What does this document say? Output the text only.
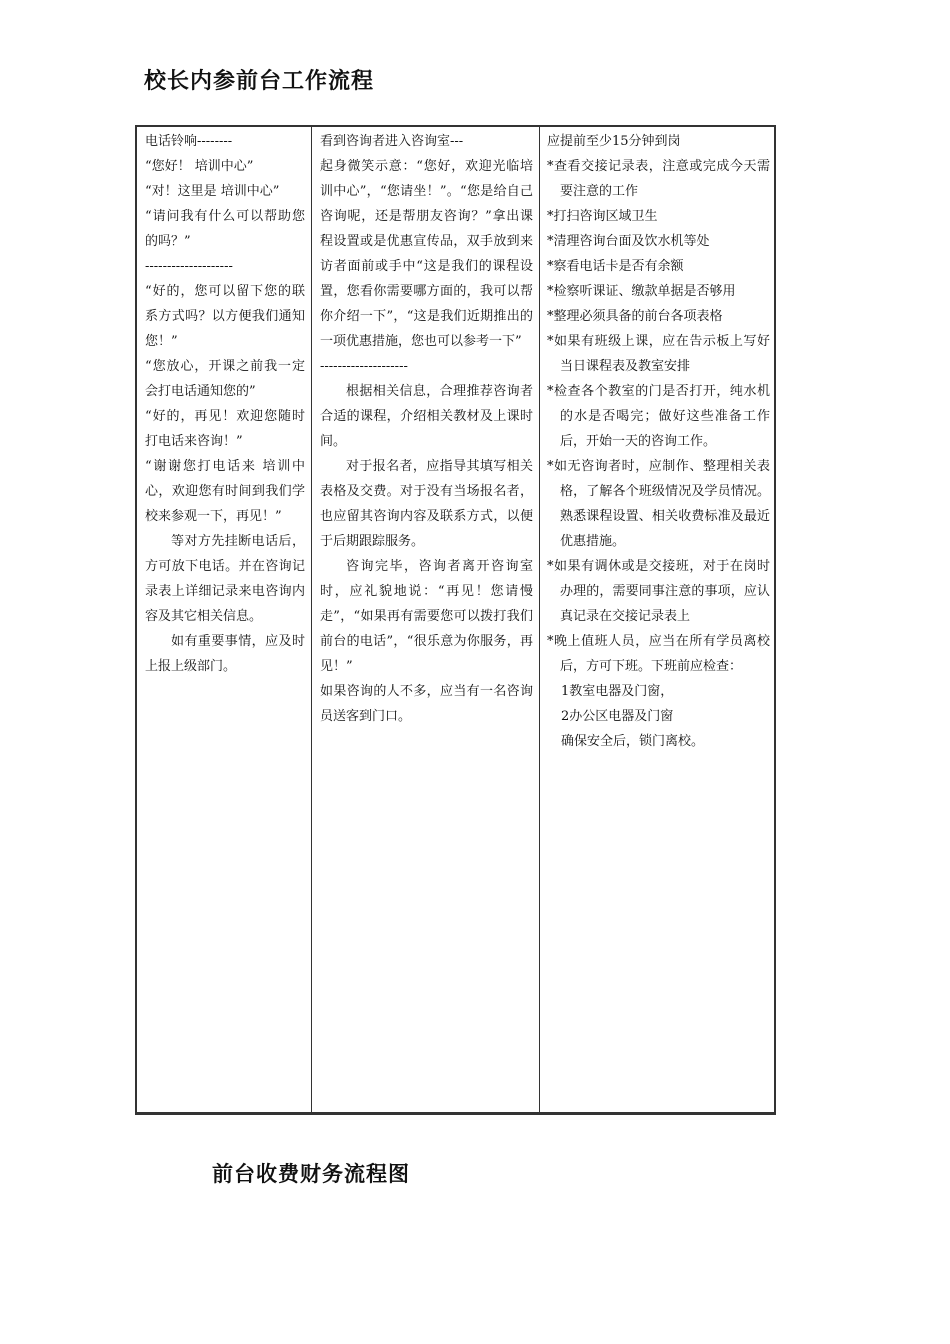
校长内参前台工作流程
电话铃响--------
“您好！ 培训中心”
“对！这里是 培训中心”
“请问我有什么可以帮助您的吗？”
--------------------
“好的，您可以留下您的联系方式吗？以方便我们通知您！”
“您放心，开课之前我一定会打电话通知您的”
“好的，再见！欢迎您随时打电话来咨询！”
“谢谢您打电话来 培训中心，欢迎您有时间到我们学校来参观一下，再见！”
等对方先挂断电话后，方可放下电话。并在咨询记录表上详细记录来电咨询内容及其它相关信息。
如有重要事情，应及时上报上级部门。
看到咨询者进入咨询室---
起身微笑示意：“您好，欢迎光临培训中心”，“您请坐！”。“您是给自己咨询呢，还是帮朋友咨询？”拿出课程设置或是优惠宣传品，双手放到来访者面前或手中“这是我们的课程设置，您看你需要哪方面的，我可以帮你介绍一下”，“这是我们近期推出的一项优惠措施，您也可以参考一下”
--------------------
根据相关信息，合理推荐咨询者合适的课程，介绍相关教材及上课时间。
对于报名者，应指导其填写相关表格及交费。对于没有当场报名者，也应留其咨询内容及联系方式，以便于后期跟踪服务。
咨询完毕，咨询者离开咨询室时，应礼貌地说：“再见！您请慢走”，“如果再有需要您可以拨打我们前台的电话”，“很乐意为你服务，再见！”
如果咨询的人不多，应当有一名咨询员送客到门口。
应提前至少15分钟到岗
*查看交接记录表，注意或完成今天需要注意的工作
*打扫咨询区域卫生
*清理咨询台面及饮水机等处
*察看电话卡是否有余额
*检察听课证、缴款单据是否够用
*整理必须具备的前台各项表格
*如果有班级上课，应在告示板上写好当日课程表及教室安排
*检查各个教室的门是否打开，纯水机的水是否喝完；做好这些准备工作后，开始一天的咨询工作。
*如无咨询者时，应制作、整理相关表格，了解各个班级情况及学员情况。熟悉课程设置、相关收费标准及最近优惠措施。
*如果有调休或是交接班，对于在岗时办理的，需要同事注意的事项，应认真记录在交接记录表上
*晚上值班人员，应当在所有学员离校后，方可下班。下班前应检查：
1教室电器及门窗，
2办公区电器及门窗
确保安全后，锁门离校。
前台收费财务流程图
